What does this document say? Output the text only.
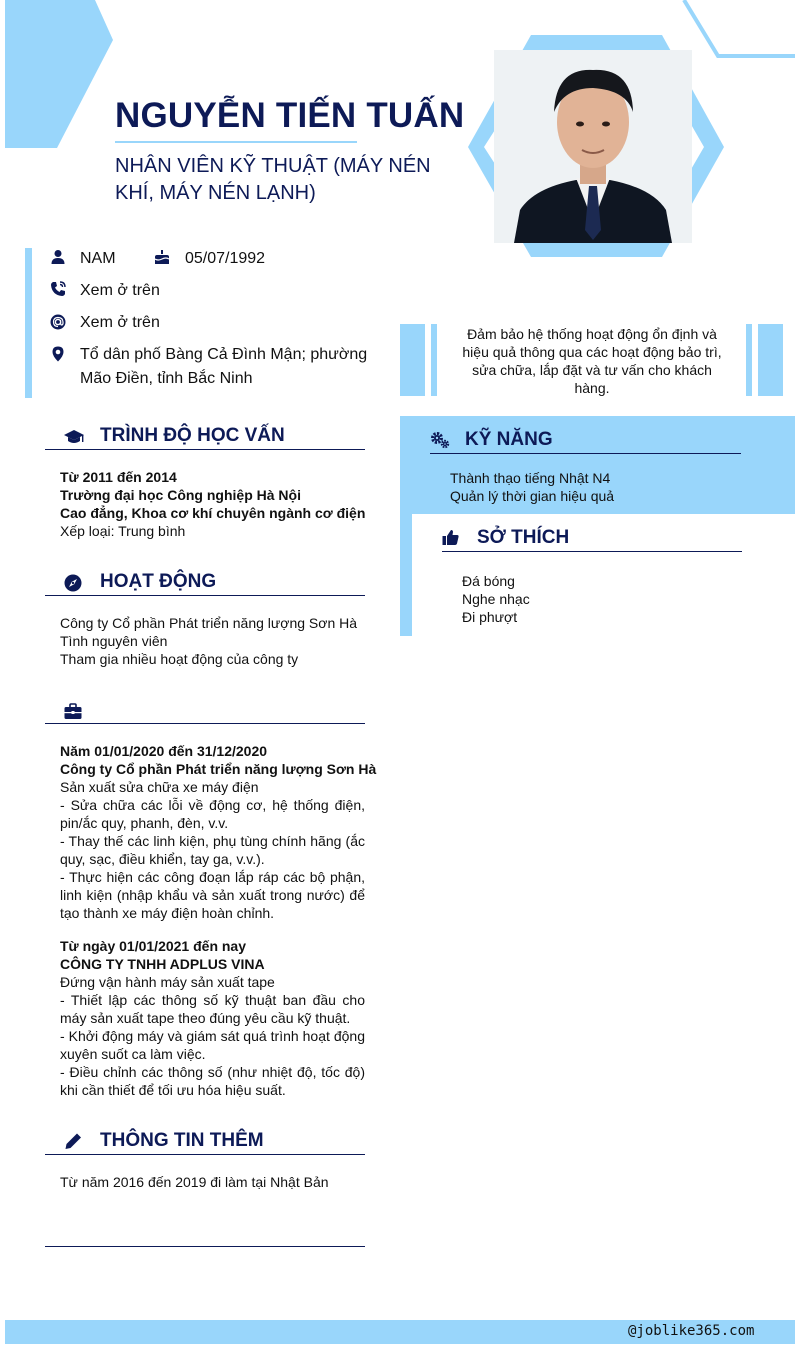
NGUYỄN TIẾN TUẤN
NHÂN VIÊN KỸ THUẬT (MÁY NÉN KHÍ, MÁY NÉN LẠNH)
NAM	05/07/1992
Xem ở trên
Xem ở trên
Tổ dân phố Bàng Cả Đình Mận; phường Mão Điền, tỉnh Bắc Ninh
Đảm bảo hệ thống hoạt động ổn định và hiệu quả thông qua các hoạt động bảo trì, sửa chữa, lắp đặt và tư vấn cho khách hàng.
TRÌNH ĐỘ HỌC VẤN
Từ 2011 đến 2014
Trường đại học Công nghiệp Hà Nội
Cao đẳng, Khoa cơ khí chuyên ngành cơ điện
Xếp loại: Trung bình
HOẠT ĐỘNG
Công ty Cổ phần Phát triển năng lượng Sơn Hà
Tình nguyên viên
Tham gia nhiều hoạt động của công ty
Năm 01/01/2020 đến 31/12/2020
Công ty Cổ phần Phát triển năng lượng Sơn Hà
Sản xuất sửa chữa xe máy điện
- Sửa chữa các lỗi về động cơ, hệ thống điện, pin/ắc quy, phanh, đèn, v.v.
- Thay thế các linh kiện, phụ tùng chính hãng (ắc quy, sạc, điều khiển, tay ga, v.v.).
- Thực hiện các công đoạn lắp ráp các bộ phận, linh kiện (nhập khẩu và sản xuất trong nước) để tạo thành xe máy điện hoàn chỉnh.
Từ ngày 01/01/2021 đến nay
CÔNG TY TNHH ADPLUS VINA
Đứng vận hành máy sản xuất tape
- Thiết lập các thông số kỹ thuật ban đầu cho máy sản xuất tape theo đúng yêu cầu kỹ thuật.
- Khởi động máy và giám sát quá trình hoạt động xuyên suốt ca làm việc.
- Điều chỉnh các thông số (như nhiệt độ, tốc độ) khi cần thiết để tối ưu hóa hiệu suất.
THÔNG TIN THÊM
Từ năm 2016 đến 2019 đi làm tại Nhật Bản
KỸ NĂNG
Thành thạo tiếng Nhật N4
Quản lý thời gian hiệu quả
SỞ THÍCH
Đá bóng
Nghe nhạc
Đi phượt
@joblike365.com
